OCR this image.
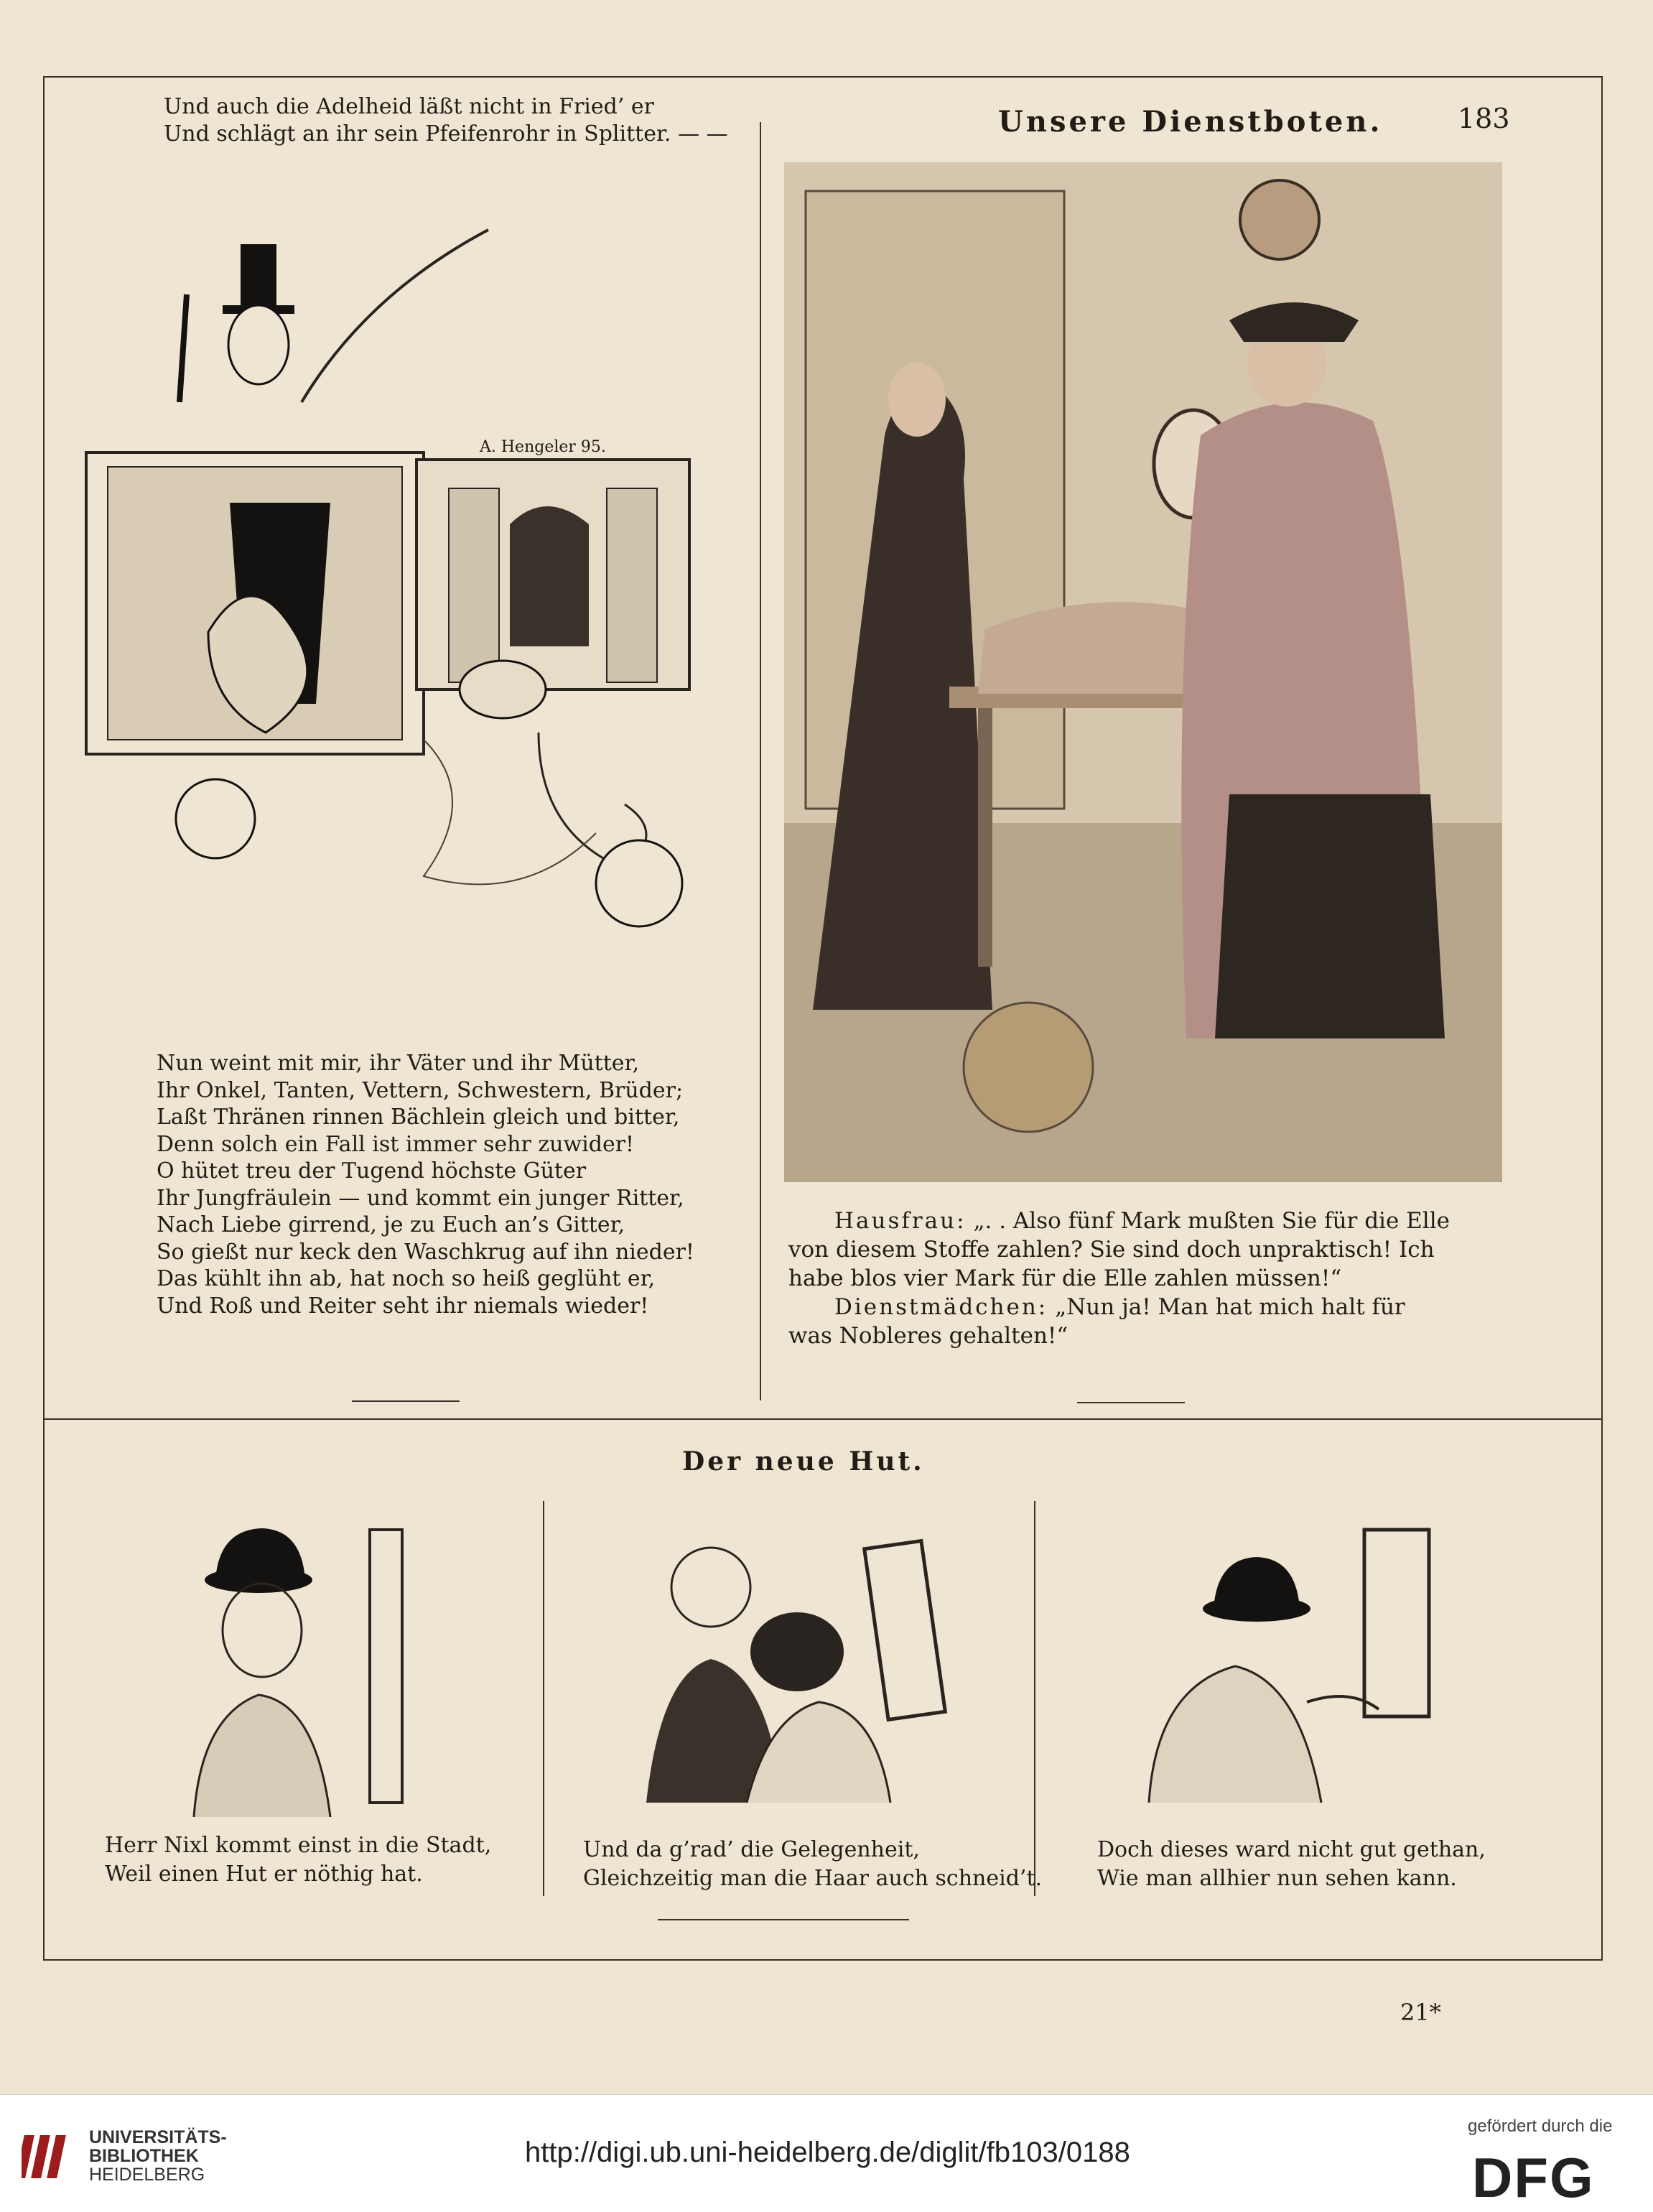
Unsere Dienstboten.	183
Und auch die Adelheid läßt nicht in Fried’ er
Und schlägt an ihr sein Pfeifenrohr in Splitter. — —
A. Hengeler 95.
Nun weint mit mir, ihr Väter und ihr Mütter,
Ihr Onkel, Tanten, Vettern, Schwestern, Brüder;
Laßt Thränen rinnen Bächlein gleich und bitter,
Denn solch ein Fall ist immer sehr zuwider!
O hütet treu der Tugend höchste Güter
Ihr Jungfräulein — und kommt ein junger Ritter,
Nach Liebe girrend, je zu Euch an’s Gitter,
So gießt nur keck den Waschkrug auf ihn nieder!
Das kühlt ihn ab, hat noch so heiß geglüht er,
Und Roß und Reiter seht ihr niemals wieder!
Hausfrau: „. . Also fünf Mark mußten Sie für die Elle
von diesem Stoffe zahlen? Sie sind doch unpraktisch! Ich
habe blos vier Mark für die Elle zahlen müssen!“
Dienstmädchen: „Nun ja! Man hat mich halt für
was Nobleres gehalten!“
Der neue Hut.
Herr Nixl kommt einst in die Stadt,
Weil einen Hut er nöthig hat.
Und da g’rad’ die Gelegenheit,
Gleichzeitig man die Haar auch schneid’t.
Doch dieses ward nicht gut gethan,
Wie man allhier nun sehen kann.
21*
UNIVERSITÄTS-
BIBLIOTHEK
HEIDELBERG
http://digi.ub.uni-heidelberg.de/diglit/fb103/0188
gefördert durch die
DFG
